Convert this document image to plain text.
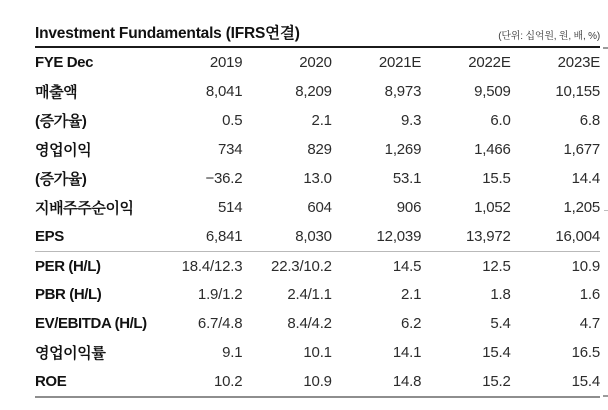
Investment Fundamentals (IFRS연결)	(단위: 십억원, 원, 배, %)
FYE Dec	2019	2020	2021E	2022E	2023E
매출액	8,041	8,209	8,973	9,509	10,155
(증가율)	0.5	2.1	9.3	6.0	6.8
영업이익	734	829	1,269	1,466	1,677
(증가율)	−36.2	13.0	53.1	15.5	14.4
지배주주순이익	514	604	906	1,052	1,205
EPS	6,841	8,030	12,039	13,972	16,004
PER (H/L)	18.4/12.3	22.3/10.2	14.5	12.5	10.9
PBR (H/L)	1.9/1.2	2.4/1.1	2.1	1.8	1.6
EV/EBITDA (H/L)	6.7/4.8	8.4/4.2	6.2	5.4	4.7
영업이익률	9.1	10.1	14.1	15.4	16.5
ROE	10.2	10.9	14.8	15.2	15.4
